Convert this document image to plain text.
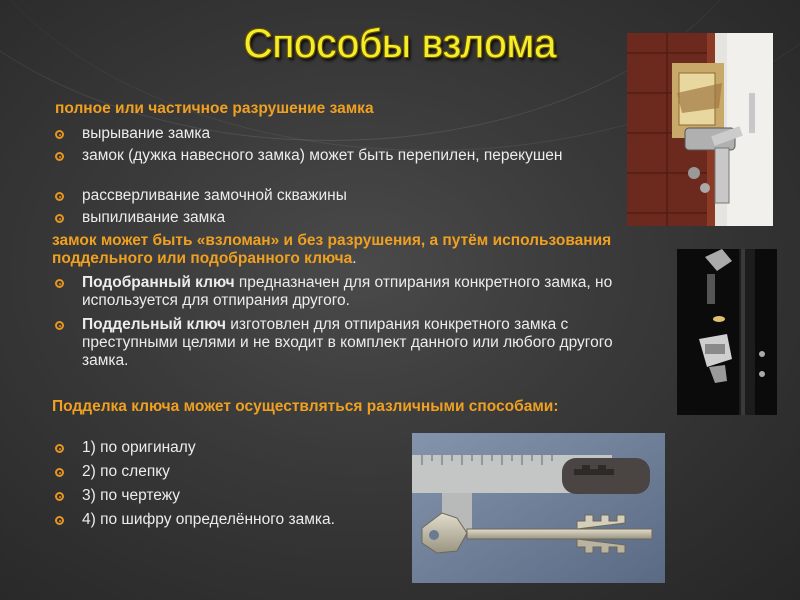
Способы взлома
полное или частичное разрушение замка
вырывание замка
замок (дужка навесного замка) может быть перепилен, перекушен
рассверливание замочной скважины
выпиливание замка
замок может быть «взломан» и без разрушения, а путём использования поддельного или подобранного ключа.
Подобранный ключ предназначен для отпирания конкретного замка, но используется для отпирания другого.
Поддельный ключ изготовлен для отпирания конкретного замка с преступными целями и не входит в комплект данного или любого другого замка.
Подделка ключа может осуществляться различными способами:
1) по оригиналу
2) по слепку
3) по чертежу
4) по шифру определённого замка.
